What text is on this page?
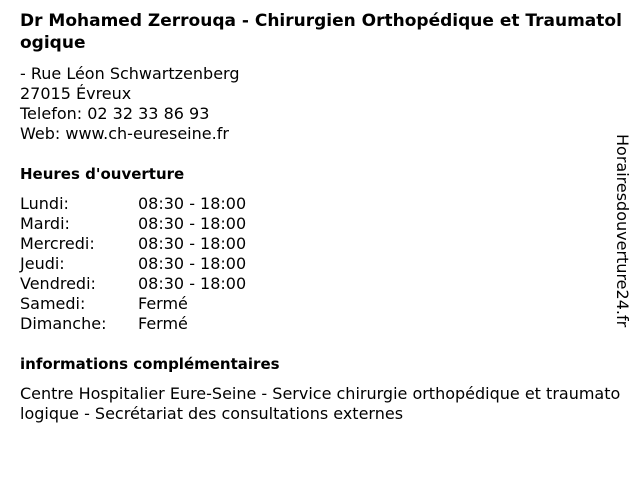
Dr Mohamed Zerrouqa - Chirurgien Orthopédique et Traumatologique
- Rue Léon Schwartzenberg
27015 Évreux
Telefon: 02 32 33 86 93
Web: www.ch-eureseine.fr
Heures d'ouverture
Lundi:	08:30 - 18:00
Mardi:	08:30 - 18:00
Mercredi:	08:30 - 18:00
Jeudi:	08:30 - 18:00
Vendredi:	08:30 - 18:00
Samedi:	Fermé
Dimanche:	Fermé
informations complémentaires
Centre Hospitalier Eure-Seine - Service chirurgie orthopédique et traumatologique - Secrétariat des consultations externes
Horairesdouverture24.fr
